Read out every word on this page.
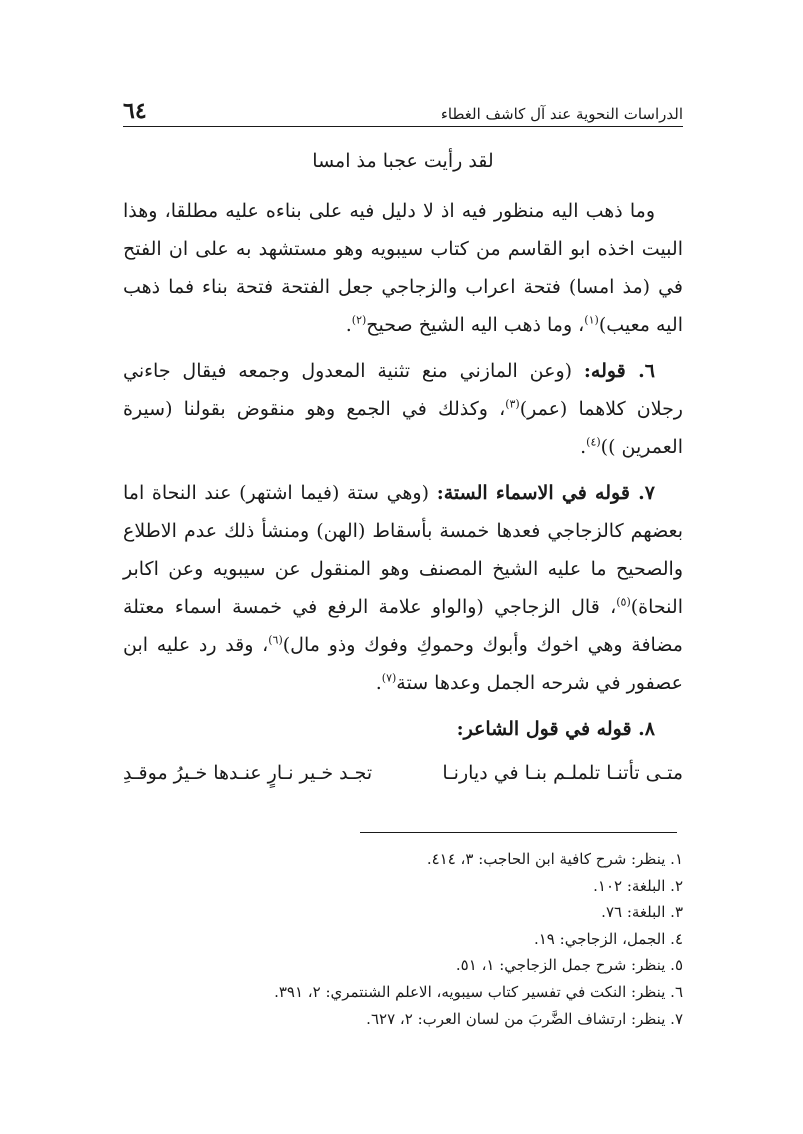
الدراسات النحوية عند آل كاشف الغطاء
٦٤

لقد رأيت عجبا مذ امسا

وما ذهب اليه منظور فيه اذ لا دليل فيه على بناءه عليه مطلقا، وهذا البيت اخذه ابو القاسم من كتاب سيبويه وهو مستشهد به على ان الفتح في (مذ امسا) فتحة اعراب والزجاجي جعل الفتحة فتحة بناء فما ذهب اليه معيب)$^{(١)}$، وما ذهب اليه الشيخ صحيح$^{(٢)}$.

٦. قوله: (وعن المازني منع تثنية المعدول وجمعه فيقال جاءني رجلان كلاهما (عمر)$^{(٣)}$، وكذلك في الجمع وهو منقوض بقولنا (سيرة العمرين ))$^{(٤)}$.

٧. قوله في الاسماء الستة: (وهي ستة (فيما اشتهر) عند النحاة اما بعضهم كالزجاجي فعدها خمسة بأسقاط (الهن) ومنشأ ذلك عدم الاطلاع والصحيح ما عليه الشيخ المصنف وهو المنقول عن سيبويه وعن اكابر النحاة)$^{(٥)}$، قال الزجاجي (والواو علامة الرفع في خمسة اسماء معتلة مضافة وهي اخوك وأبوك وحموكِ وفوك وذو مال)$^{(٦)}$، وقد رد عليه ابن عصفور في شرحه الجمل وعدها ستة$^{(٧)}$.

٨. قوله في قول الشاعر:

متـى تأتنـا تلملـم بنـا في ديارنـا
تجـد خـير نـارٍ عنـدها خـيرُ موقـدِ

١. ينظر: شرح كافية ابن الحاجب: ٣، ٤١٤.

٢. البلغة: ١٠٢.

٣. البلغة: ٧٦.

٤. الجمل، الزجاجي: ١٩.

٥. ينظر: شرح جمل الزجاجي: ١، ٥١.

٦. ينظر: النكت في تفسير كتاب سيبويه، الاعلم الشنتمري: ٢، ٣٩١.

٧. ينظر: ارتشاف الضَّربَ من لسان العرب: ٢، ٦٢٧.
